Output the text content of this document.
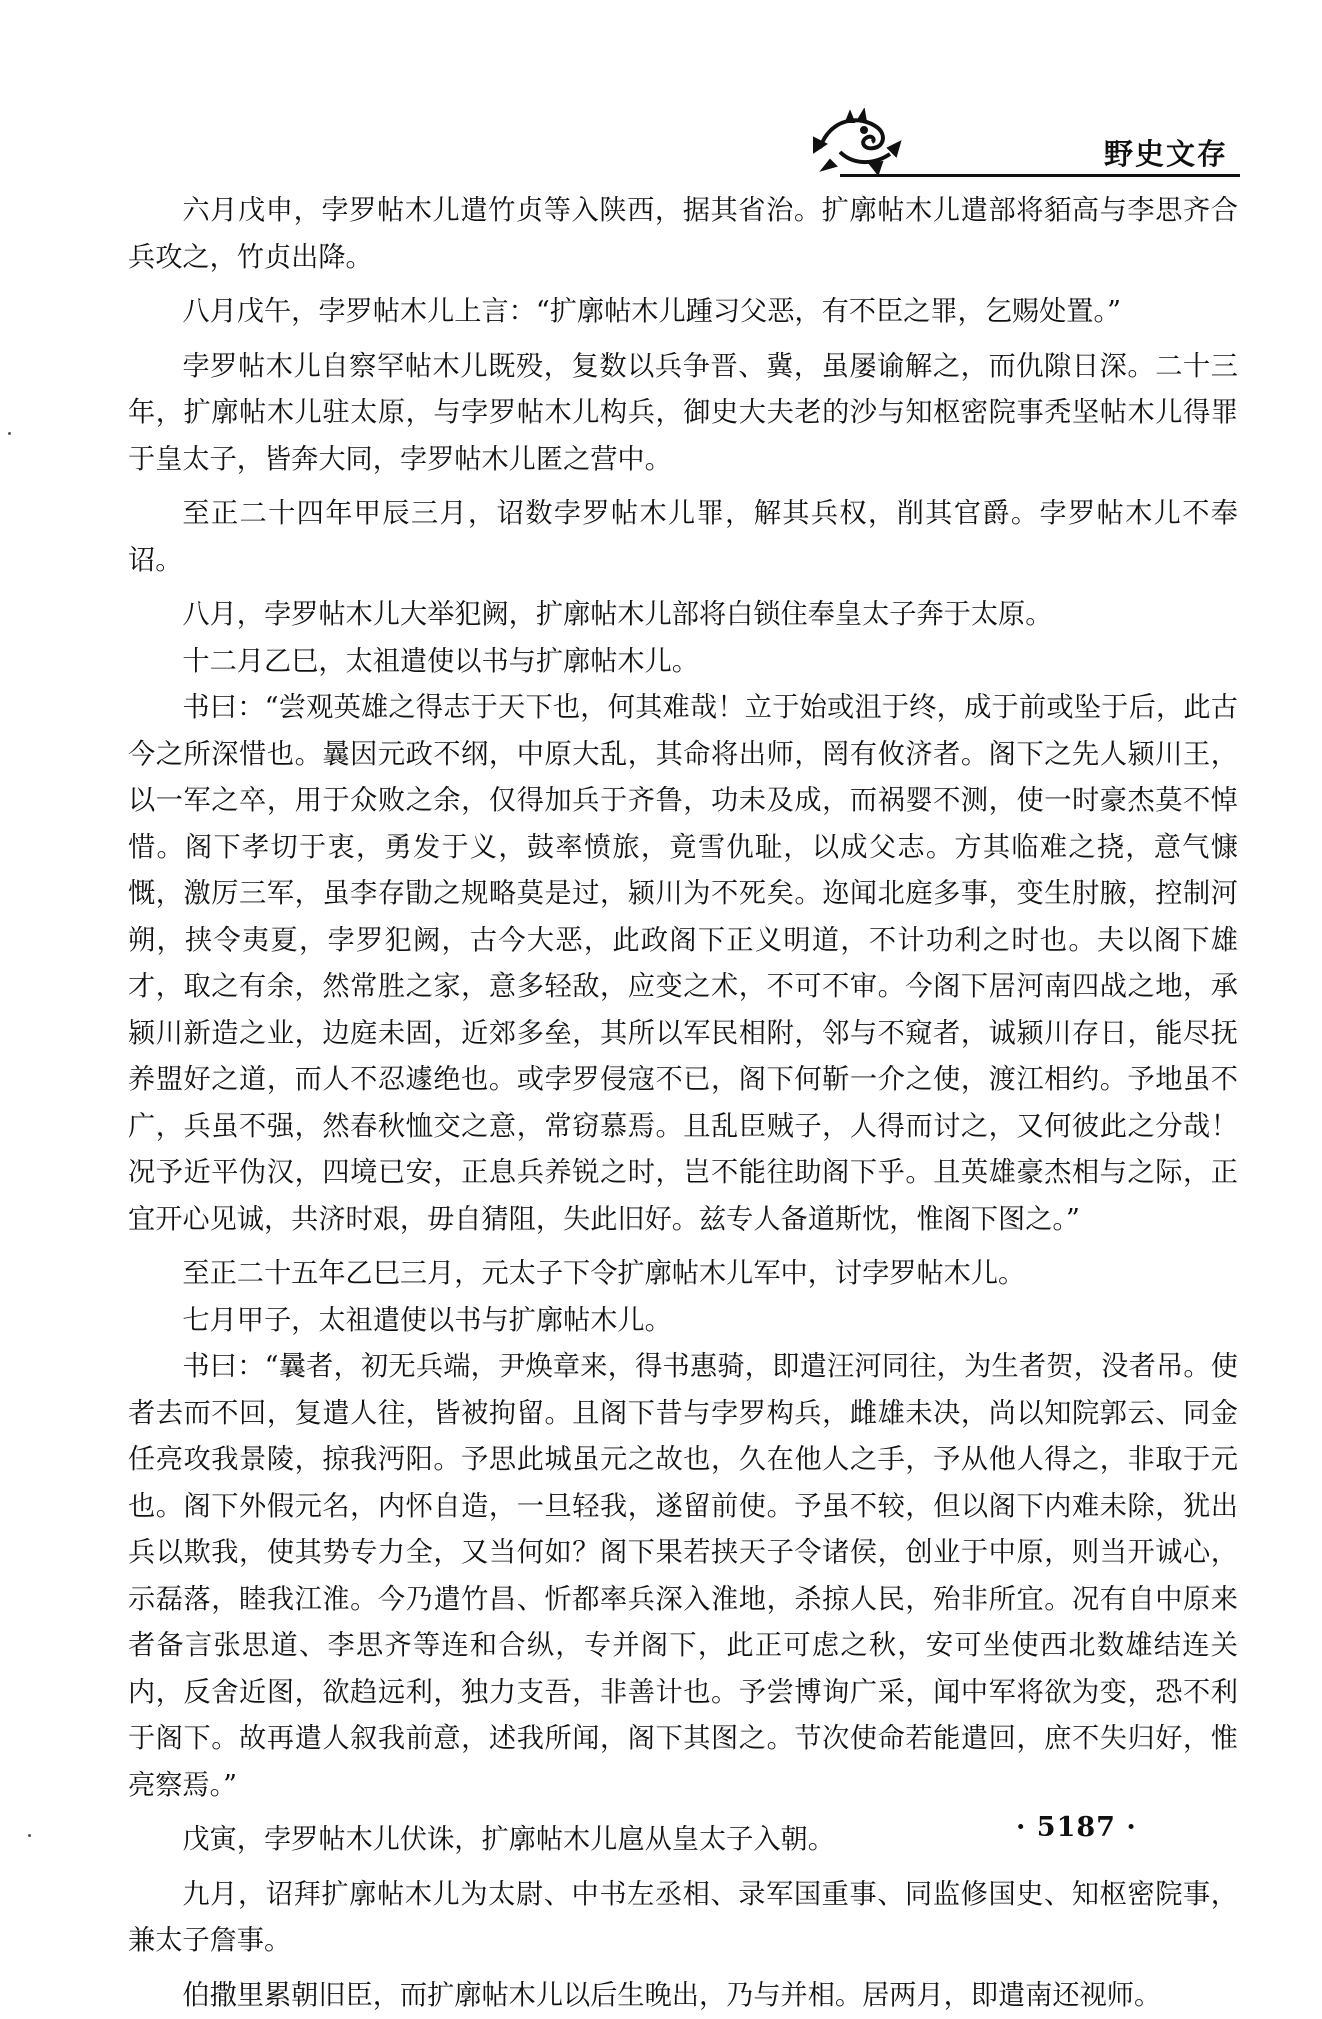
野史文存

六月戊申，孛罗帖木儿遣竹贞等入陕西，据其省治。扩廓帖木儿遣部将貊高与李思齐合兵攻之，竹贞出降。

八月戊午，孛罗帖木儿上言：“扩廓帖木儿踵习父恶，有不臣之罪，乞赐处置。”

孛罗帖木儿自察罕帖木儿既殁，复数以兵争晋、冀，虽屡谕解之，而仇隙日深。二十三年，扩廓帖木儿驻太原，与孛罗帖木儿构兵，御史大夫老的沙与知枢密院事秃坚帖木儿得罪于皇太子，皆奔大同，孛罗帖木儿匿之营中。

至正二十四年甲辰三月，诏数孛罗帖木儿罪，解其兵权，削其官爵。孛罗帖木儿不奉诏。

八月，孛罗帖木儿大举犯阙，扩廓帖木儿部将白锁住奉皇太子奔于太原。

十二月乙巳，太祖遣使以书与扩廓帖木儿。

书曰：“尝观英雄之得志于天下也，何其难哉！立于始或沮于终，成于前或坠于后，此古今之所深惜也。曩因元政不纲，中原大乱，其命将出师，罔有攸济者。阁下之先人颍川王，以一军之卒，用于众败之余，仅得加兵于齐鲁，功未及成，而祸婴不测，使一时豪杰莫不悼惜。阁下孝切于衷，勇发于义，鼓率愤旅，竟雪仇耻，以成父志。方其临难之挠，意气慷慨，激厉三军，虽李存勖之规略莫是过，颍川为不死矣。迩闻北庭多事，变生肘腋，控制河朔，挟令夷夏，孛罗犯阙，古今大恶，此政阁下正义明道，不计功利之时也。夫以阁下雄才，取之有余，然常胜之家，意多轻敌，应变之术，不可不审。今阁下居河南四战之地，承颍川新造之业，边庭未固，近郊多垒，其所以军民相附，邻与不窥者，诚颍川存日，能尽抚养盟好之道，而人不忍遽绝也。或孛罗侵寇不已，阁下何靳一介之使，渡江相约。予地虽不广，兵虽不强，然春秋恤交之意，常窃慕焉。且乱臣贼子，人得而讨之，又何彼此之分哉！况予近平伪汉，四境已安，正息兵养锐之时，岂不能往助阁下乎。且英雄豪杰相与之际，正宜开心见诚，共济时艰，毋自猜阻，失此旧好。兹专人备道斯忱，惟阁下图之。”

至正二十五年乙巳三月，元太子下令扩廓帖木儿军中，讨孛罗帖木儿。

七月甲子，太祖遣使以书与扩廓帖木儿。

书曰：“曩者，初无兵端，尹焕章来，得书惠骑，即遣汪河同往，为生者贺，没者吊。使者去而不回，复遣人往，皆被拘留。且阁下昔与孛罗构兵，雌雄未决，尚以知院郭云、同金任亮攻我景陵，掠我沔阳。予思此城虽元之故也，久在他人之手，予从他人得之，非取于元也。阁下外假元名，内怀自造，一旦轻我，遂留前使。予虽不较，但以阁下内难未除，犹出兵以欺我，使其势专力全，又当何如？阁下果若挟天子令诸侯，创业于中原，则当开诚心，示磊落，睦我江淮。今乃遣竹昌、忻都率兵深入淮地，杀掠人民，殆非所宜。况有自中原来者备言张思道、李思齐等连和合纵，专并阁下，此正可虑之秋，安可坐使西北数雄结连关内，反舍近图，欲趋远利，独力支吾，非善计也。予尝博询广采，闻中军将欲为变，恐不利于阁下。故再遣人叙我前意，述我所闻，阁下其图之。节次使命若能遣回，庶不失归好，惟亮察焉。”

戊寅，孛罗帖木儿伏诛，扩廓帖木儿扈从皇太子入朝。

九月，诏拜扩廓帖木儿为太尉、中书左丞相、录军国重事、同监修国史、知枢密院事，兼太子詹事。

伯撒里累朝旧臣，而扩廓帖木儿以后生晚出，乃与并相。居两月，即遣南还视师。

· 5187 ·
